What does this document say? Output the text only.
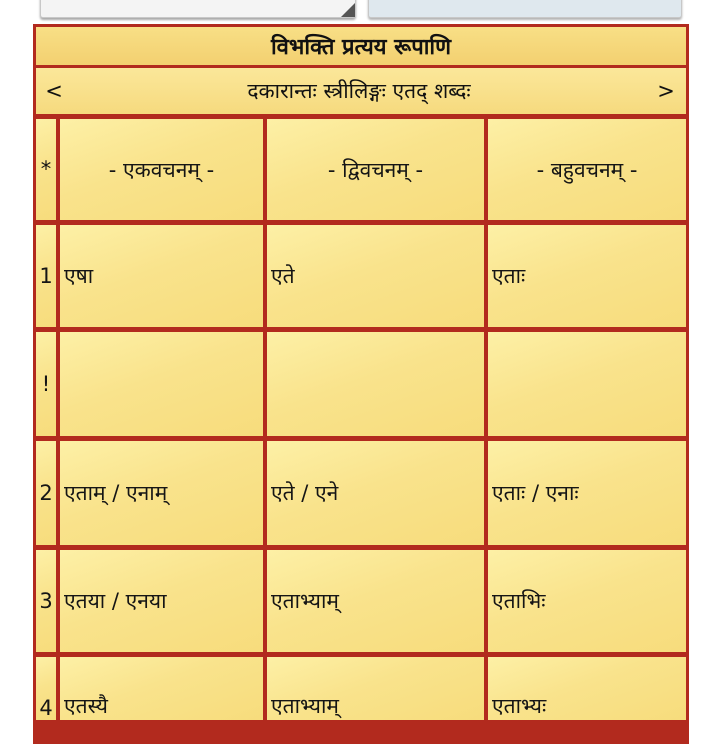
विभक्ति प्रत्यय रूपाणि
<	दकारान्तः स्त्रीलिङ्गः एतद् शब्दः	>
*	- एकवचनम् -	- द्विवचनम् -	- बहुवचनम् -
1 एषा	एते	एताः
!
2 एताम् / एनाम्	एते / एने	एताः / एनाः
3 एतया / एनया	एताभ्याम्	एताभिः
4 एतस्यै	एताभ्याम्	एताभ्यः
